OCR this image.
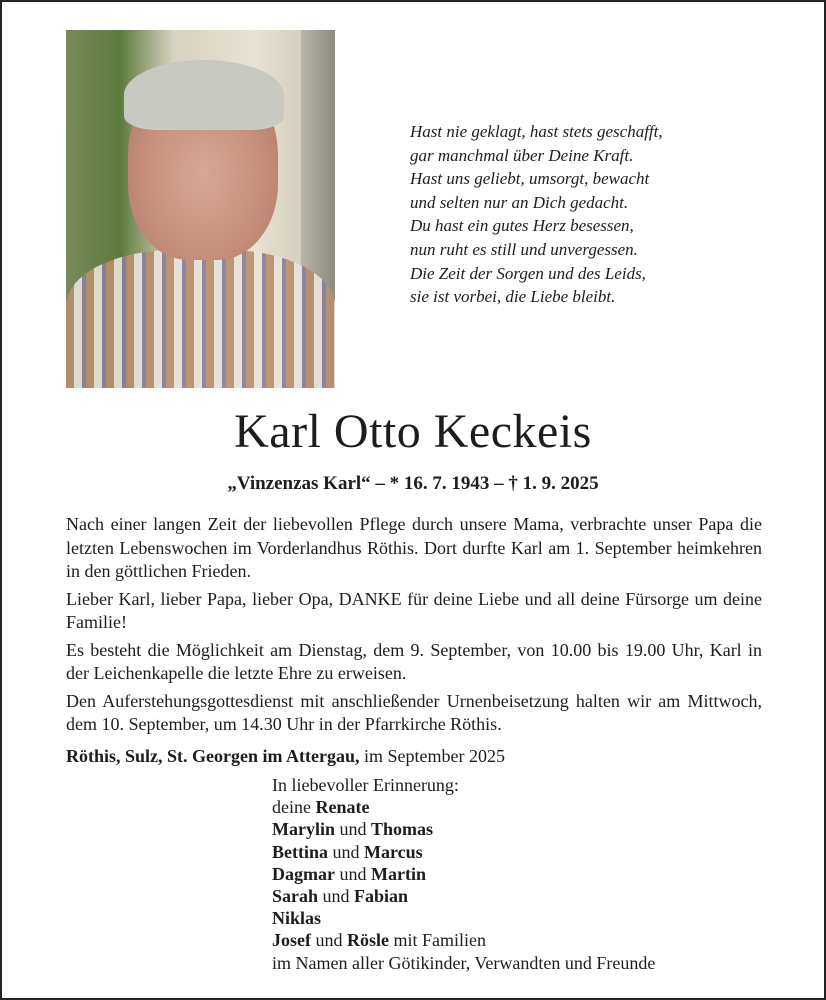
Hast nie geklagt, hast stets geschafft,
gar manchmal über Deine Kraft.
Hast uns geliebt, umsorgt, bewacht
und selten nur an Dich gedacht.
Du hast ein gutes Herz besessen,
nun ruht es still und unvergessen.
Die Zeit der Sorgen und des Leids,
sie ist vorbei, die Liebe bleibt.
Karl Otto Keckeis
„Vinzenzas Karl“ – * 16. 7. 1943 – † 1. 9. 2025

Nach einer langen Zeit der liebevollen Pflege durch unsere Mama, verbrachte unser Papa die letzten Lebenswochen im Vorderlandhus Röthis. Dort durfte Karl am 1. September heimkehren in den göttlichen Frieden.

Lieber Karl, lieber Papa, lieber Opa, DANKE für deine Liebe und all deine Fürsorge um deine Familie!

Es besteht die Möglichkeit am Dienstag, dem 9. September, von 10.00 bis 19.00 Uhr, Karl in der Leichenkapelle die letzte Ehre zu erweisen.

Den Auferstehungsgottesdienst mit anschließender Urnenbeisetzung halten wir am Mittwoch, dem 10. September, um 14.30 Uhr in der Pfarrkirche Röthis.

Röthis, Sulz, St. Georgen im Attergau, im September 2025
In liebevoller Erinnerung:
deine Renate
Marylin und Thomas
Bettina und Marcus
Dagmar und Martin
Sarah und Fabian
Niklas
Josef und Rösle mit Familien
im Namen aller Götikinder, Verwandten und Freunde
